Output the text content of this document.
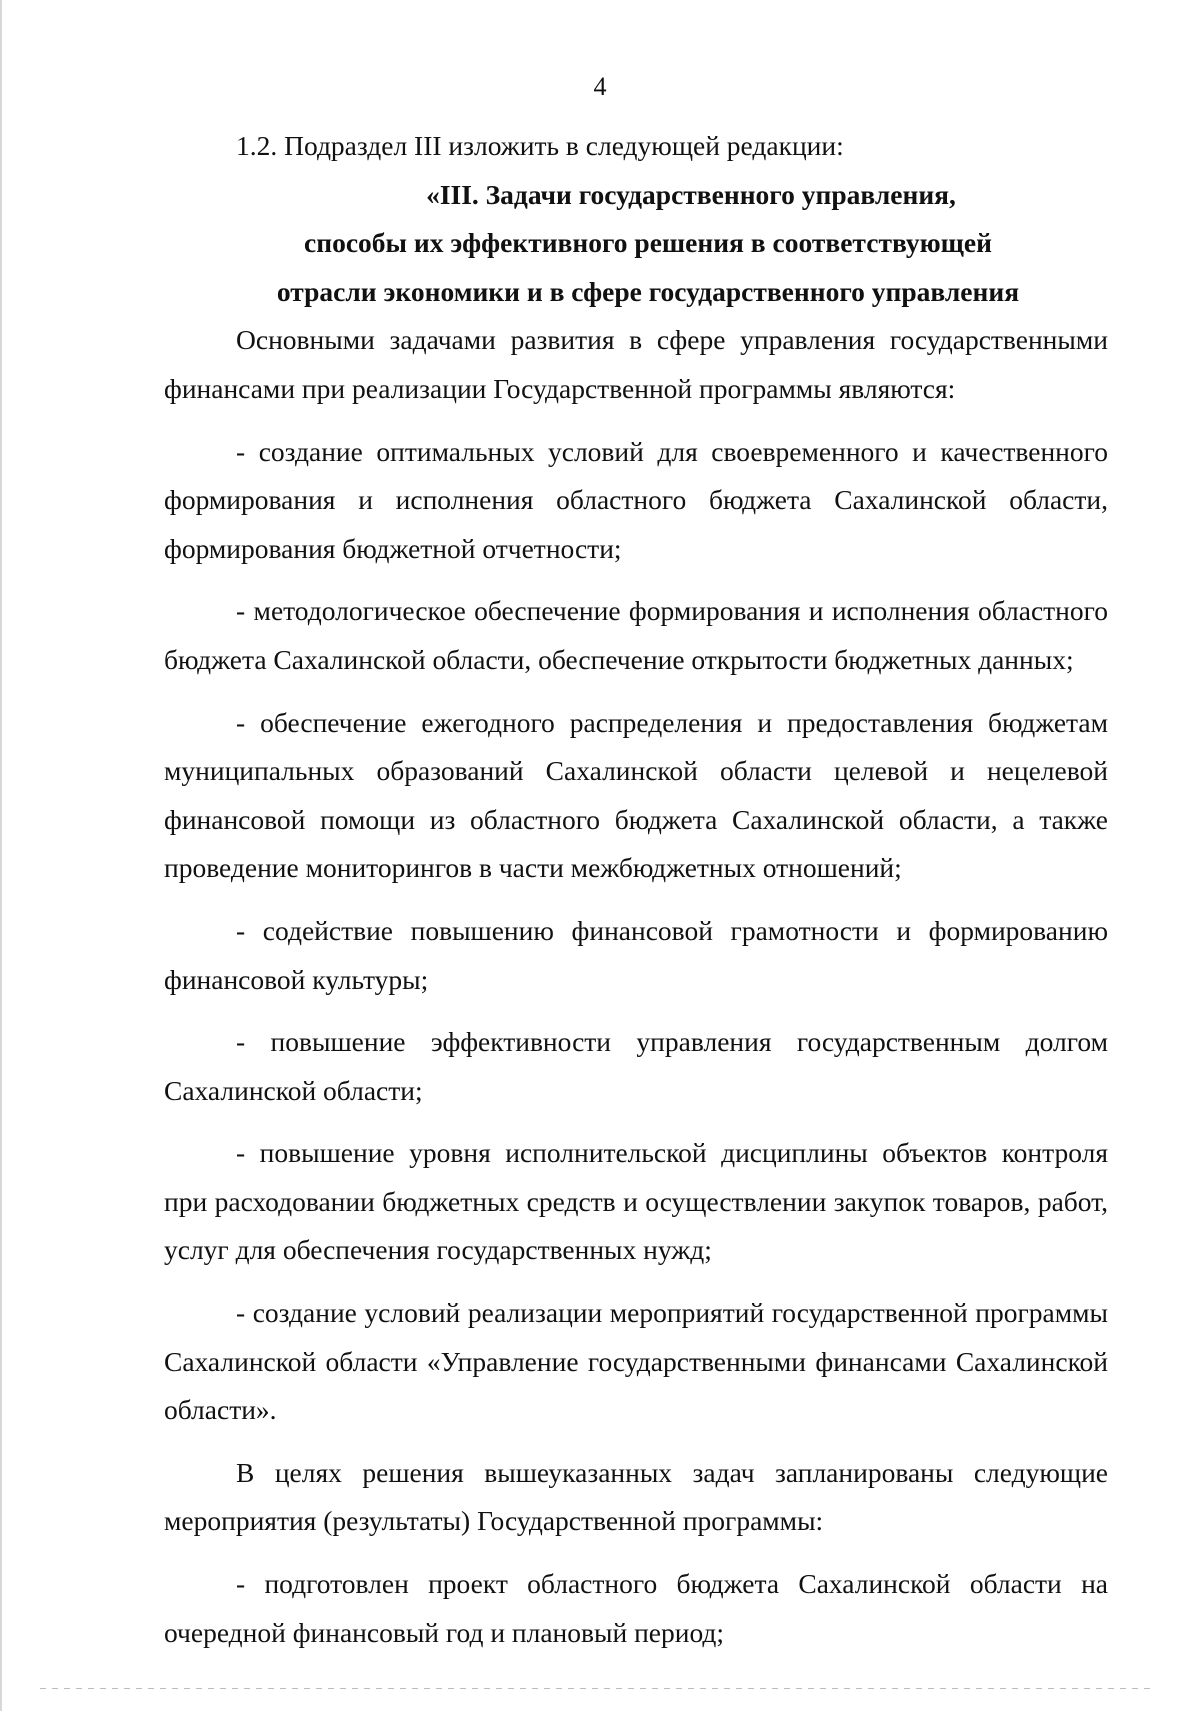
4

1.2. Подраздел III изложить в следующей редакции:

«III. Задачи государственного управления,
способы их эффективного решения в соответствующей
отрасли экономики и в сфере государственного управления

Основными задачами развития в сфере управления государственными финансами при реализации Государственной программы являются:

- создание оптимальных условий для своевременного и качественного формирования и исполнения областного бюджета Сахалинской области, формирования бюджетной отчетности;

- методологическое обеспечение формирования и исполнения областного бюджета Сахалинской области, обеспечение открытости бюджетных данных;

- обеспечение ежегодного распределения и предоставления бюджетам муниципальных образований Сахалинской области целевой и нецелевой финансовой помощи из областного бюджета Сахалинской области, а также проведение мониторингов в части межбюджетных отношений;

- содействие повышению финансовой грамотности и формированию финансовой культуры;

- повышение эффективности управления государственным долгом Сахалинской области;

- повышение уровня исполнительской дисциплины объектов контроля при расходовании бюджетных средств и осуществлении закупок товаров, работ, услуг для обеспечения государственных нужд;

- создание условий реализации мероприятий государственной программы Сахалинской области «Управление государственными финансами Сахалинской области».

В целях решения вышеуказанных задач запланированы следующие мероприятия (результаты) Государственной программы:

- подготовлен проект областного бюджета Сахалинской области на очередной финансовый год и плановый период;
